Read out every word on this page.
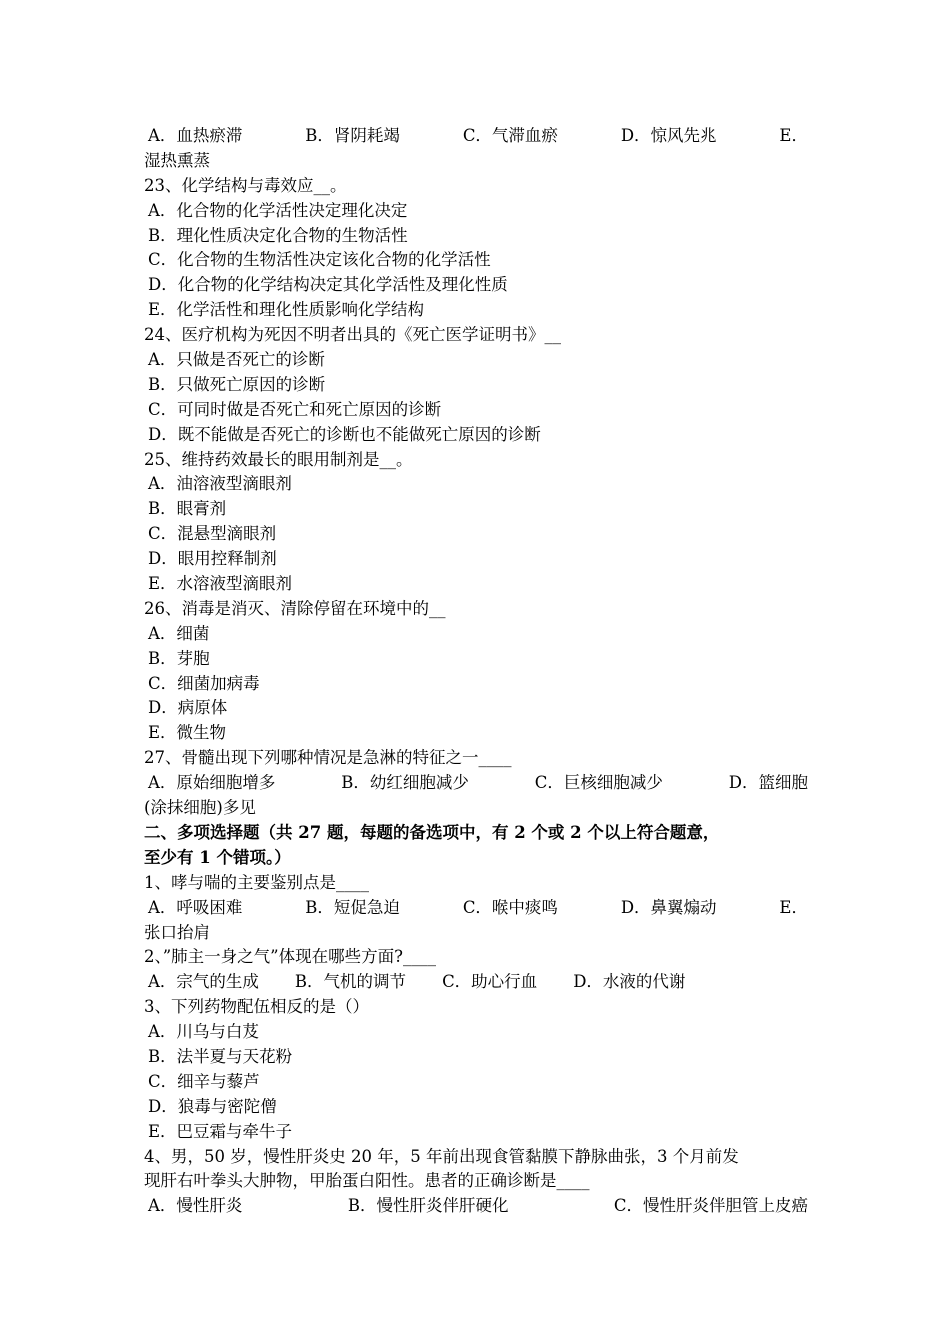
A．血热瘀滞	B．肾阴耗竭	C．气滞血瘀	D．惊风先兆	E．
湿热熏蒸
23、化学结构与毒效应__。
A．化合物的化学活性决定理化决定
B．理化性质决定化合物的生物活性
C．化合物的生物活性决定该化合物的化学活性
D．化合物的化学结构决定其化学活性及理化性质
E．化学活性和理化性质影响化学结构
24、医疗机构为死因不明者出具的《死亡医学证明书》__
A．只做是否死亡的诊断
B．只做死亡原因的诊断
C．可同时做是否死亡和死亡原因的诊断
D．既不能做是否死亡的诊断也不能做死亡原因的诊断
25、维持药效最长的眼用制剂是__。
A．油溶液型滴眼剂
B．眼膏剂
C．混悬型滴眼剂
D．眼用控释制剂
E．水溶液型滴眼剂
26、消毒是消灭、清除停留在环境中的__
A．细菌
B．芽胞
C．细菌加病毒
D．病原体
E．微生物
27、骨髓出现下列哪种情况是急淋的特征之一____
A．原始细胞增多	B．幼红细胞减少	C．巨核细胞减少	D．篮细胞
(涂抹细胞)多见
二、多项选择题（共 27 题，每题的备选项中，有 2 个或 2 个以上符合题意，
至少有 1 个错项。）
1、哮与喘的主要鉴别点是____
A．呼吸困难	B．短促急迫	C．喉中痰鸣	D．鼻翼煽动	E．
张口抬肩
2、”肺主一身之气”体现在哪些方面?____
A．宗气的生成 B．气机的调节 C．助心行血 D．水液的代谢
3、下列药物配伍相反的是（）
A．川乌与白芨
B．法半夏与天花粉
C．细辛与藜芦
D．狼毒与密陀僧
E．巴豆霜与牵牛子
4、男，50 岁，慢性肝炎史 20 年，5 年前出现食管黏膜下静脉曲张，3 个月前发
现肝右叶拳头大肿物，甲胎蛋白阳性。患者的正确诊断是____
A．慢性肝炎	B．慢性肝炎伴肝硬化	C．慢性肝炎伴胆管上皮癌
